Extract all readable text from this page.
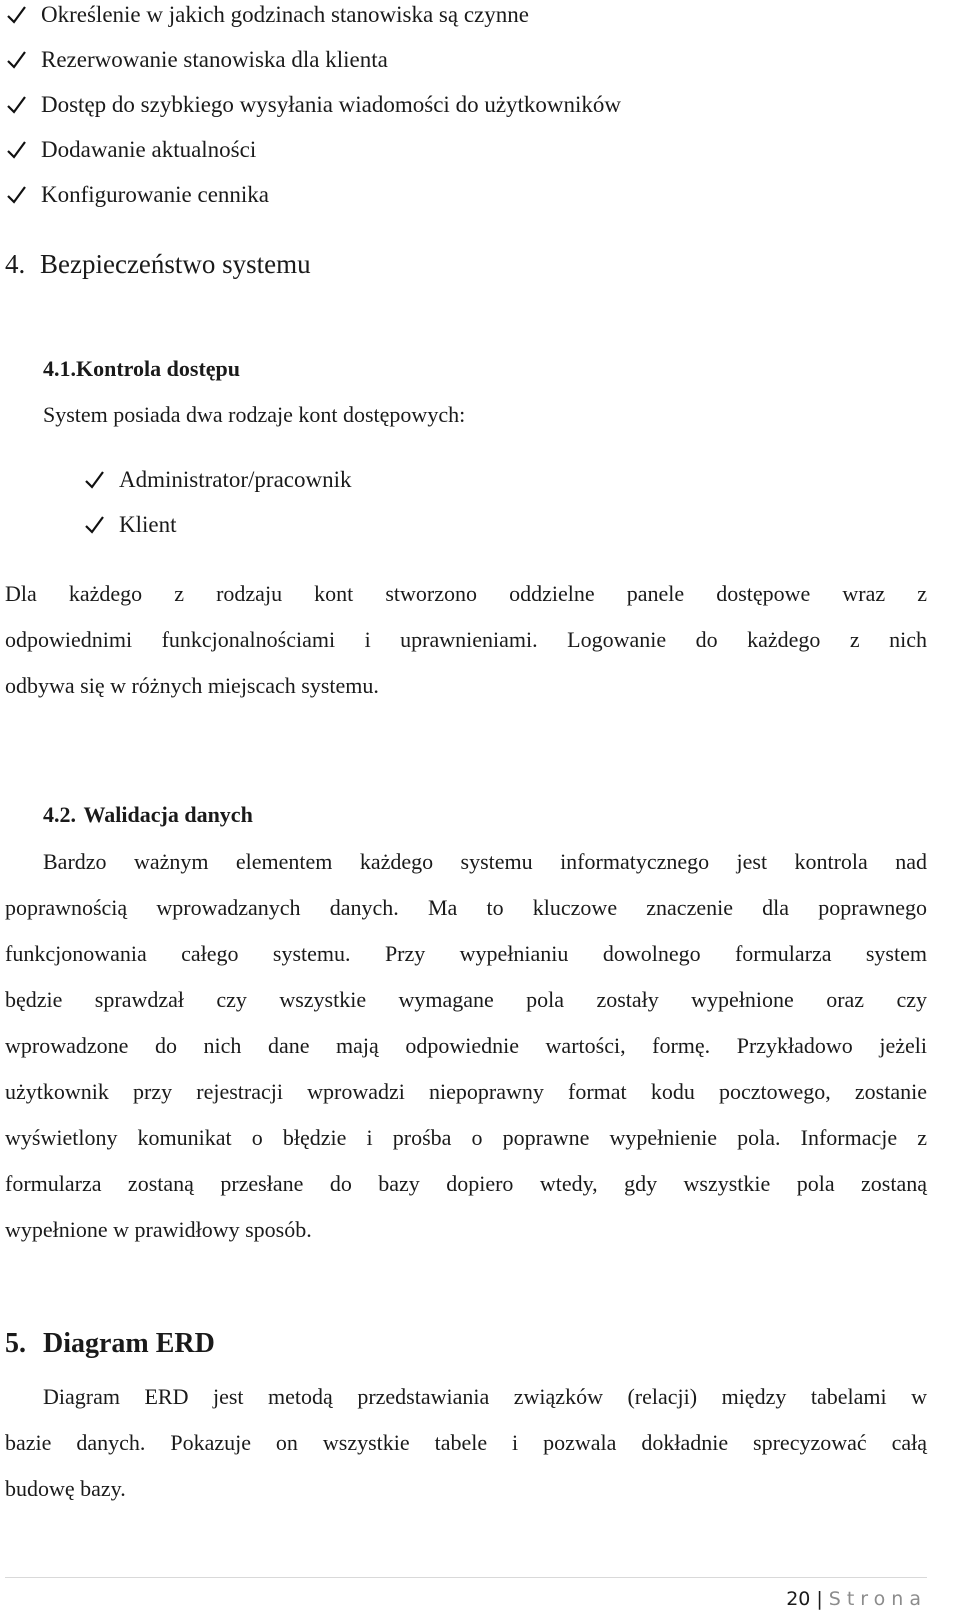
Określenie w jakich godzinach stanowiska są czynne
Rezerwowanie stanowiska dla klienta
Dostęp do szybkiego wysyłania wiadomości do użytkowników
Dodawanie aktualności
Konfigurowanie cennika
4. Bezpieczeństwo systemu
4.1.Kontrola dostępu
System posiada dwa rodzaje kont dostępowych:
Administrator/pracownik
Klient
Dla każdego z rodzaju kont stworzono oddzielne panele dostępowe wraz z
odpowiednimi funkcjonalnościami i uprawnieniami. Logowanie do każdego z nich
odbywa się w różnych miejscach systemu.
4.2. Walidacja danych
Bardzo ważnym elementem każdego systemu informatycznego jest kontrola nad
poprawnością wprowadzanych danych. Ma to kluczowe znaczenie dla poprawnego
funkcjonowania całego systemu. Przy wypełnianiu dowolnego formularza system
będzie sprawdzał czy wszystkie wymagane pola zostały wypełnione oraz czy
wprowadzone do nich dane mają odpowiednie wartości, formę. Przykładowo jeżeli
użytkownik przy rejestracji wprowadzi niepoprawny format kodu pocztowego, zostanie
wyświetlony komunikat o błędzie i prośba o poprawne wypełnienie pola. Informacje z
formularza zostaną przesłane do bazy dopiero wtedy, gdy wszystkie pola zostaną
wypełnione w prawidłowy sposób.
5. Diagram ERD
Diagram ERD jest metodą przedstawiania związków (relacji) między tabelami w
bazie danych. Pokazuje on wszystkie tabele i pozwala dokładnie sprecyzować całą
budowę bazy.
20 | Strona
